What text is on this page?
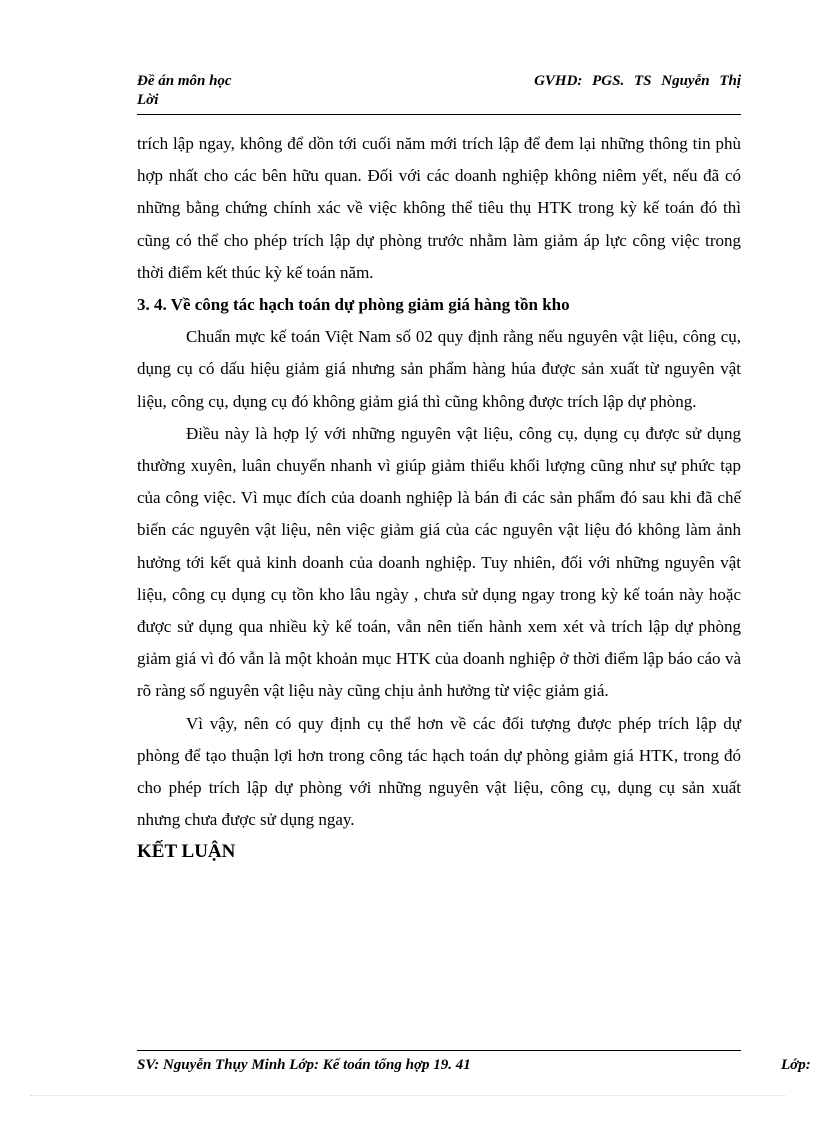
Đề án môn học	GVHD: PGS. TS Nguyễn Thị
Lời

trích lập ngay, không để dồn tới cuối năm mới trích lập để đem lại những thông tin phù hợp nhất cho các bên hữu quan. Đối với các doanh nghiệp không niêm yết, nếu đã có những bằng chứng chính xác về việc không thể tiêu thụ HTK trong kỳ kế toán đó thì cũng có thể cho phép trích lập dự phòng trước nhằm làm giảm áp lực công việc trong thời điểm kết thúc kỳ kế toán năm.

3. 4. Về công tác hạch toán dự phòng giảm giá hàng tồn kho

Chuẩn mực kế toán Việt Nam số 02 quy định rằng nếu nguyên vật liệu, công cụ, dụng cụ có dấu hiệu giảm giá nhưng sản phẩm hàng húa được sản xuất từ nguyên vật liệu, công cụ, dụng cụ đó không giảm giá thì cũng không được trích lập dự phòng.

Điều này là hợp lý với những nguyên vật liệu, công cụ, dụng cụ được sử dụng thường xuyên, luân chuyển nhanh vì giúp giảm thiểu khối lượng cũng như sự phức tạp của công việc. Vì mục đích của doanh nghiệp là bán đi các sản phẩm đó sau khi đã chế biến các nguyên vật liệu, nên việc giảm giá của các nguyên vật liệu đó không làm ảnh hưởng tới kết quả kinh doanh của doanh nghiệp. Tuy nhiên, đối với những nguyên vật liệu, công cụ dụng cụ tồn kho lâu ngày , chưa sử dụng ngay trong kỳ kế toán này hoặc được sử dụng qua nhiều kỳ kế toán, vẫn nên tiến hành xem xét và trích lập dự phòng giảm giá vì đó vẫn là một khoản mục HTK của doanh nghiệp ở thời điểm lập báo cáo và rõ ràng số nguyên vật liệu này cũng chịu ảnh hưởng từ việc giảm giá.

Vì vậy, nên có quy định cụ thể hơn về các đối tượng được phép trích lập dự phòng để tạo thuận lợi hơn trong công tác hạch toán dự phòng giảm giá HTK, trong đó cho phép trích lập dự phòng với những nguyên vật liệu, công cụ, dụng cụ sản xuất nhưng chưa được sử dụng ngay.

KẾT LUẬN

SV: Nguyễn Thụy Minh Lớp: Kế toán tổng hợp 19. 41	Lớp:
